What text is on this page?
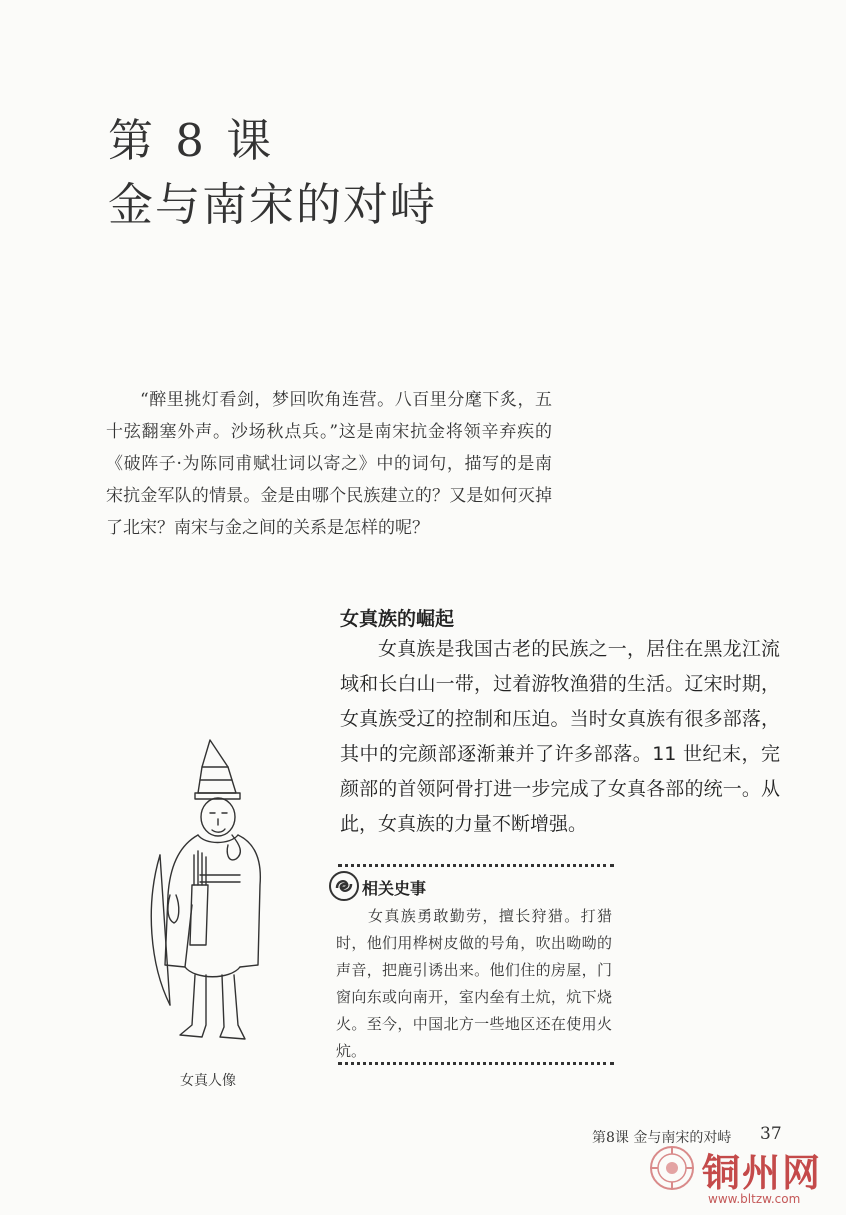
第 8 课
金与南宋的对峙

“醉里挑灯看剑，梦回吹角连营。八百里分麾下炙，五十弦翻塞外声。沙场秋点兵。”这是南宋抗金将领辛弃疾的《破阵子·为陈同甫赋壮词以寄之》中的词句，描写的是南宋抗金军队的情景。金是由哪个民族建立的？又是如何灭掉了北宋？南宋与金之间的关系是怎样的呢？

女真族的崛起

女真族是我国古老的民族之一，居住在黑龙江流域和长白山一带，过着游牧渔猎的生活。辽宋时期，女真族受辽的控制和压迫。当时女真族有很多部落，其中的完颜部逐渐兼并了许多部落。11 世纪末，完颜部的首领阿骨打进一步完成了女真各部的统一。从此，女真族的力量不断增强。

相关史事

女真族勇敢勤劳，擅长狩猎。打猎时，他们用桦树皮做的号角，吹出呦呦的声音，把鹿引诱出来。他们住的房屋，门窗向东或向南开，室内垒有土炕，炕下烧火。至今，中国北方一些地区还在使用火炕。

女真人像
第8课 金与南宋的对峙 37
铜州网
www.bltzw.com
